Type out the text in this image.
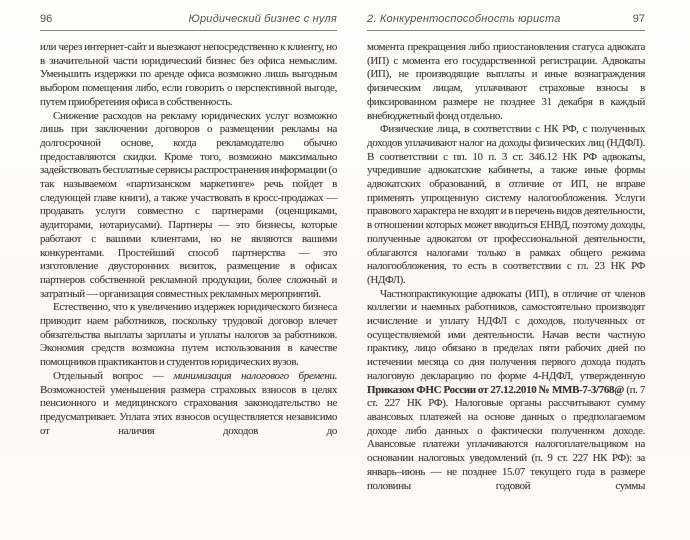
96	Юридический бизнес с нуля

или через интернет-сайт и выезжают непосредственно к клиенту, но в значительной части юридический бизнес без офиса немыслим. Уменьшить издержки по аренде офиса возможно лишь выгодным выбором помещения либо, если говорить о перспективной выгоде, путем приобретения офиса в собственность.

Снижение расходов на рекламу юридических услуг возможно лишь при заключении договоров о размещении рекламы на долгосрочной основе, когда рекламодателю обычно предоставляются скидки. Кроме того, возможно максимально задействовать бесплатные сервисы распространения информации (о так называемом «партизанском маркетинге» речь пойдет в следующей главе книги), а также участвовать в кросс-продажах — продавать услуги совместно с партнерами (оценщиками, аудиторами, нотариусами). Партнеры — это бизнесы, которые работают с вашими клиентами, но не являются вашими конкурентами. Простейший способ партнерства — это изготовление двусторонних визиток, размещение в офисах партнеров собственной рекламной продукции, более сложный и затратный — организация совместных рекламных мероприятий.

Естественно, что к увеличению издержек юридического бизнеса приводит наем работников, поскольку трудовой договор влечет обязательства выплаты зарплаты и уплаты налогов за работников. Экономия средств возможна путем использования в качестве помощников практикантов и студентов юридических вузов.

Отдельный вопрос — минимизация налогового бремени. Возможностей уменьшения размера страховых взносов в целях пенсионного и медицинского страхования законодательство не предусматривает. Уплата этих взносов осуществляется независимо от наличия доходов до

2. Конкурентоспособность юриста	97

момента прекращения либо приостановления статуса адвоката (ИП) с момента его государственной регистрации. Адвокаты (ИП), не производящие выплаты и иные вознаграждения физическим лицам, уплачивают страховые взносы в фиксированном размере не позднее 31 декабря в каждый внебюджетный фонд отдельно.

Физические лица, в соответствии с НК РФ, с полученных доходов уплачивают налог на доходы физических лиц (НДФЛ). В соответствии с пп. 10 п. 3 ст. 346.12 НК РФ адвокаты, учредившие адвокатские кабинеты, а также иные формы адвокатских образований, в отличие от ИП, не вправе применять упрощенную систему налогообложения. Услуги правового характера не входят и в перечень видов деятельности, в отношении которых может вводиться ЕНВД, поэтому доходы, полученные адвокатом от профессиональной деятельности, облагаются налогами только в рамках общего режима налогообложения, то есть в соответствии с гл. 23 НК РФ (НДФЛ).

Частнопрактикующие адвокаты (ИП), в отличие от членов коллегии и наемных работников, самостоятельно производят исчисление и уплату НДФЛ с доходов, полученных от осуществляемой ими деятельности. Начав вести частную практику, лицо обязано в пределах пяти рабочих дней по истечении месяца со дня получения первого дохода подать налоговую декларацию по форме 4-НДФЛ, утвержденную Приказом ФНС России от 27.12.2010 № ММВ-7-3/768@ (п. 7 ст. 227 НК РФ). Налоговые органы рассчитывают сумму авансовых платежей на основе данных о предполагаемом доходе либо данных о фактически полученном доходе. Авансовые платежи уплачиваются налогоплательщиком на основании налоговых уведомлений (п. 9 ст. 227 НК РФ): за январь–июнь — не позднее 15.07 текущего года в размере половины годовой суммы
